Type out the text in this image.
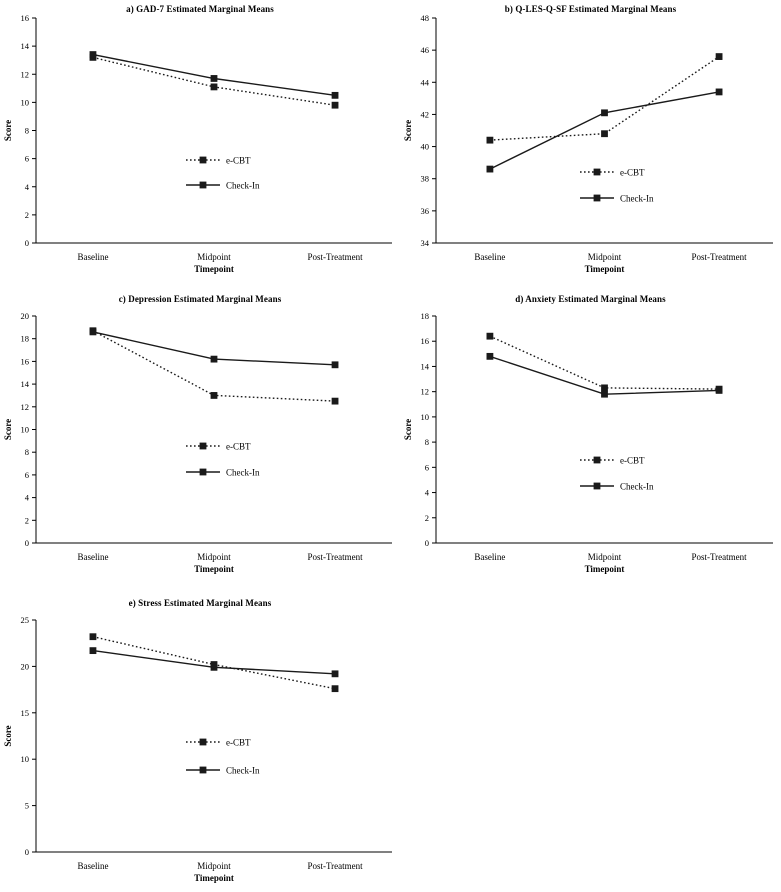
a) GAD-7 Estimated Marginal Means
0
2
4
6
8
10
12
14
16
Baseline	Midpoint	Post-Treatment
Timepoint
Score
e-CBT
Check-In
b) Q-LES-Q-SF Estimated Marginal Means
34
36
38
40
42
44
46
48
Baseline	Midpoint	Post-Treatment
Timepoint
Score
e-CBT
Check-In
c) Depression Estimated Marginal Means
0
2
4
6
8
10
12
14
16
18
20
Baseline	Midpoint	Post-Treatment
Timepoint
Score
e-CBT
Check-In
d) Anxiety Estimated Marginal Means
0
2
4
6
8
10
12
14
16
18
Baseline	Midpoint	Post-Treatment
Timepoint
Score
e-CBT
Check-In
e) Stress Estimated Marginal Means
0
5
10
15
20
25
Baseline	Midpoint	Post-Treatment
Timepoint
Score	e-CBT
Check-In
